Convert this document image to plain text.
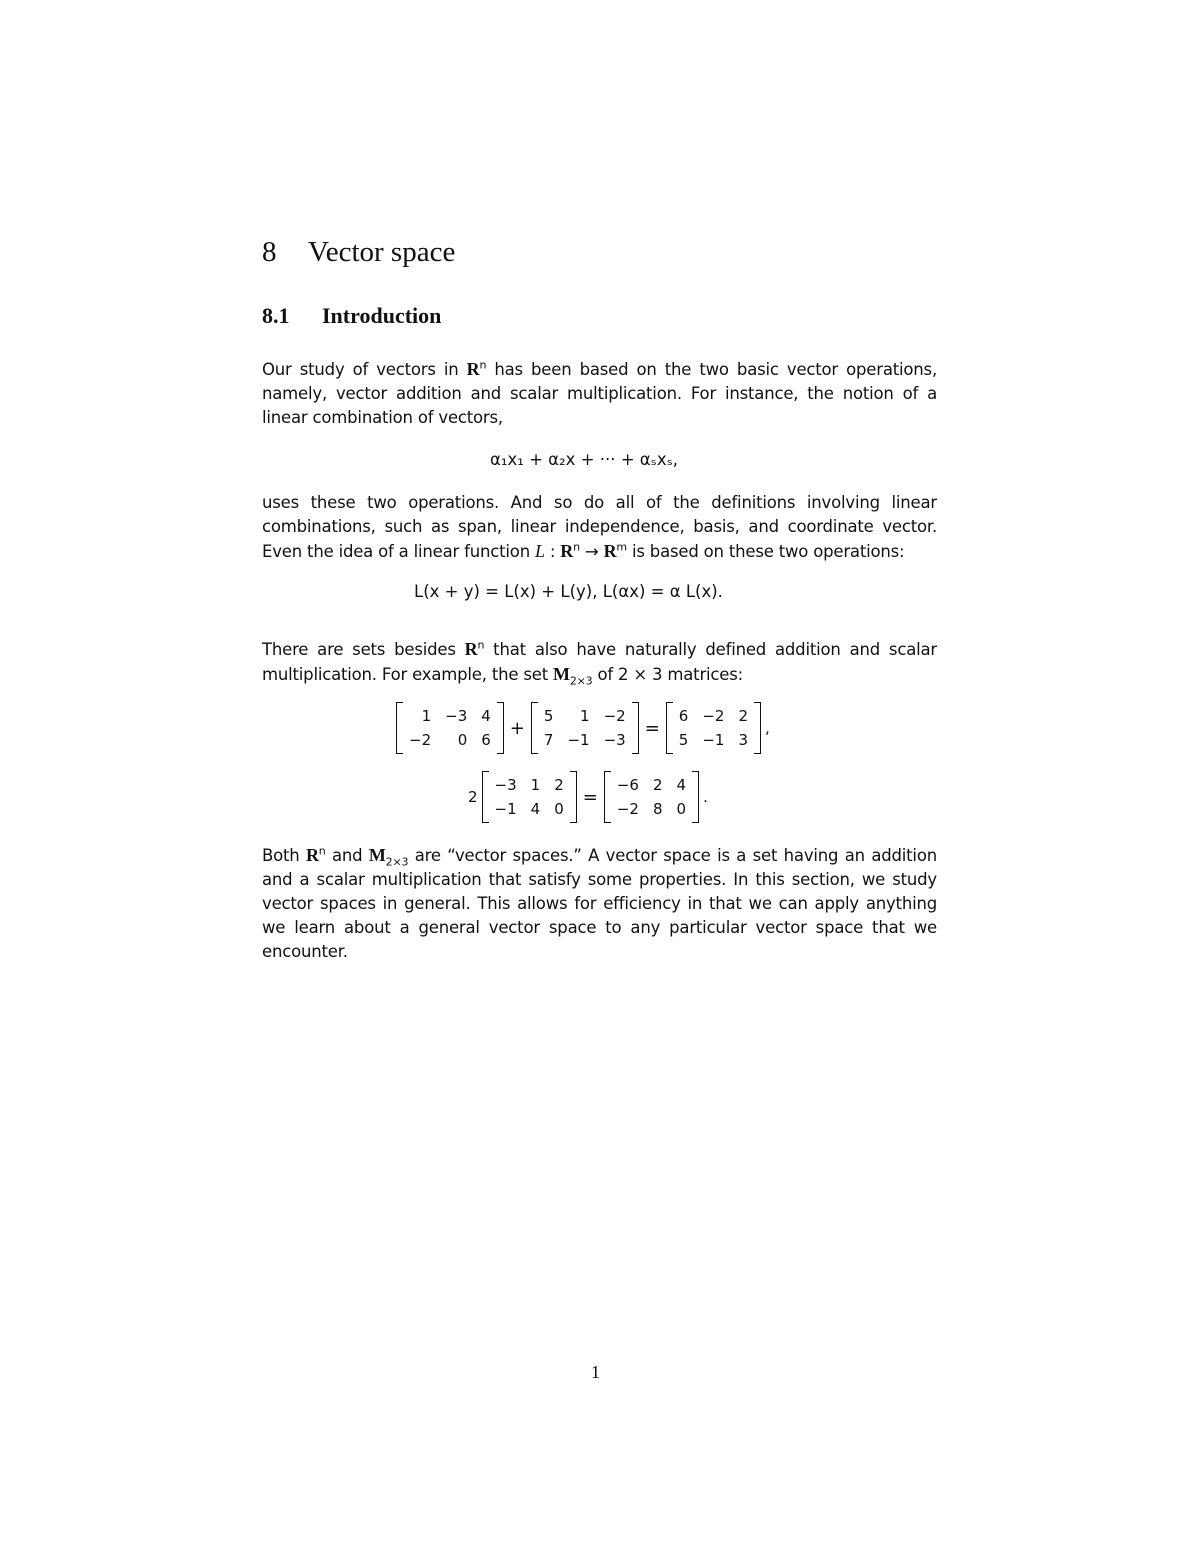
8 Vector space
8.1 Introduction

Our study of vectors in $R^n$ has been based on the two basic vector operations, namely, vector addition and scalar multiplication. For instance, the notion of a linear combination of vectors,

α₁x₁ + α₂x + ··· + αₛxₛ,

uses these two operations. And so do all of the definitions involving linear combinations, such as span, linear independence, basis, and coordinate vector. Even the idea of a linear function L : $R^n \to R^m$ is based on these two operations:

L(x + y) = L(x) + L(y), L(αx) = α L(x).

There are sets besides $R^n$ that also have naturally defined addition and scalar multiplication. For example, the set $M_{2\times 3}$ of 2 × 3 matrices:

1	−3	4
−2	0	6
+
5	1	−2
7	−1	−3
=
6	−2	2
5	−1	3
,
2
−3	1	2
−1	4	0
=
−6	2	4
−2	8	0
.

Both $R^n$ and $M_{2\times 3}$ are “vector spaces.” A vector space is a set having an addition and a scalar multiplication that satisfy some properties. In this section, we study vector spaces in general. This allows for efficiency in that we can apply anything we learn about a general vector space to any particular vector space that we encounter.

1
